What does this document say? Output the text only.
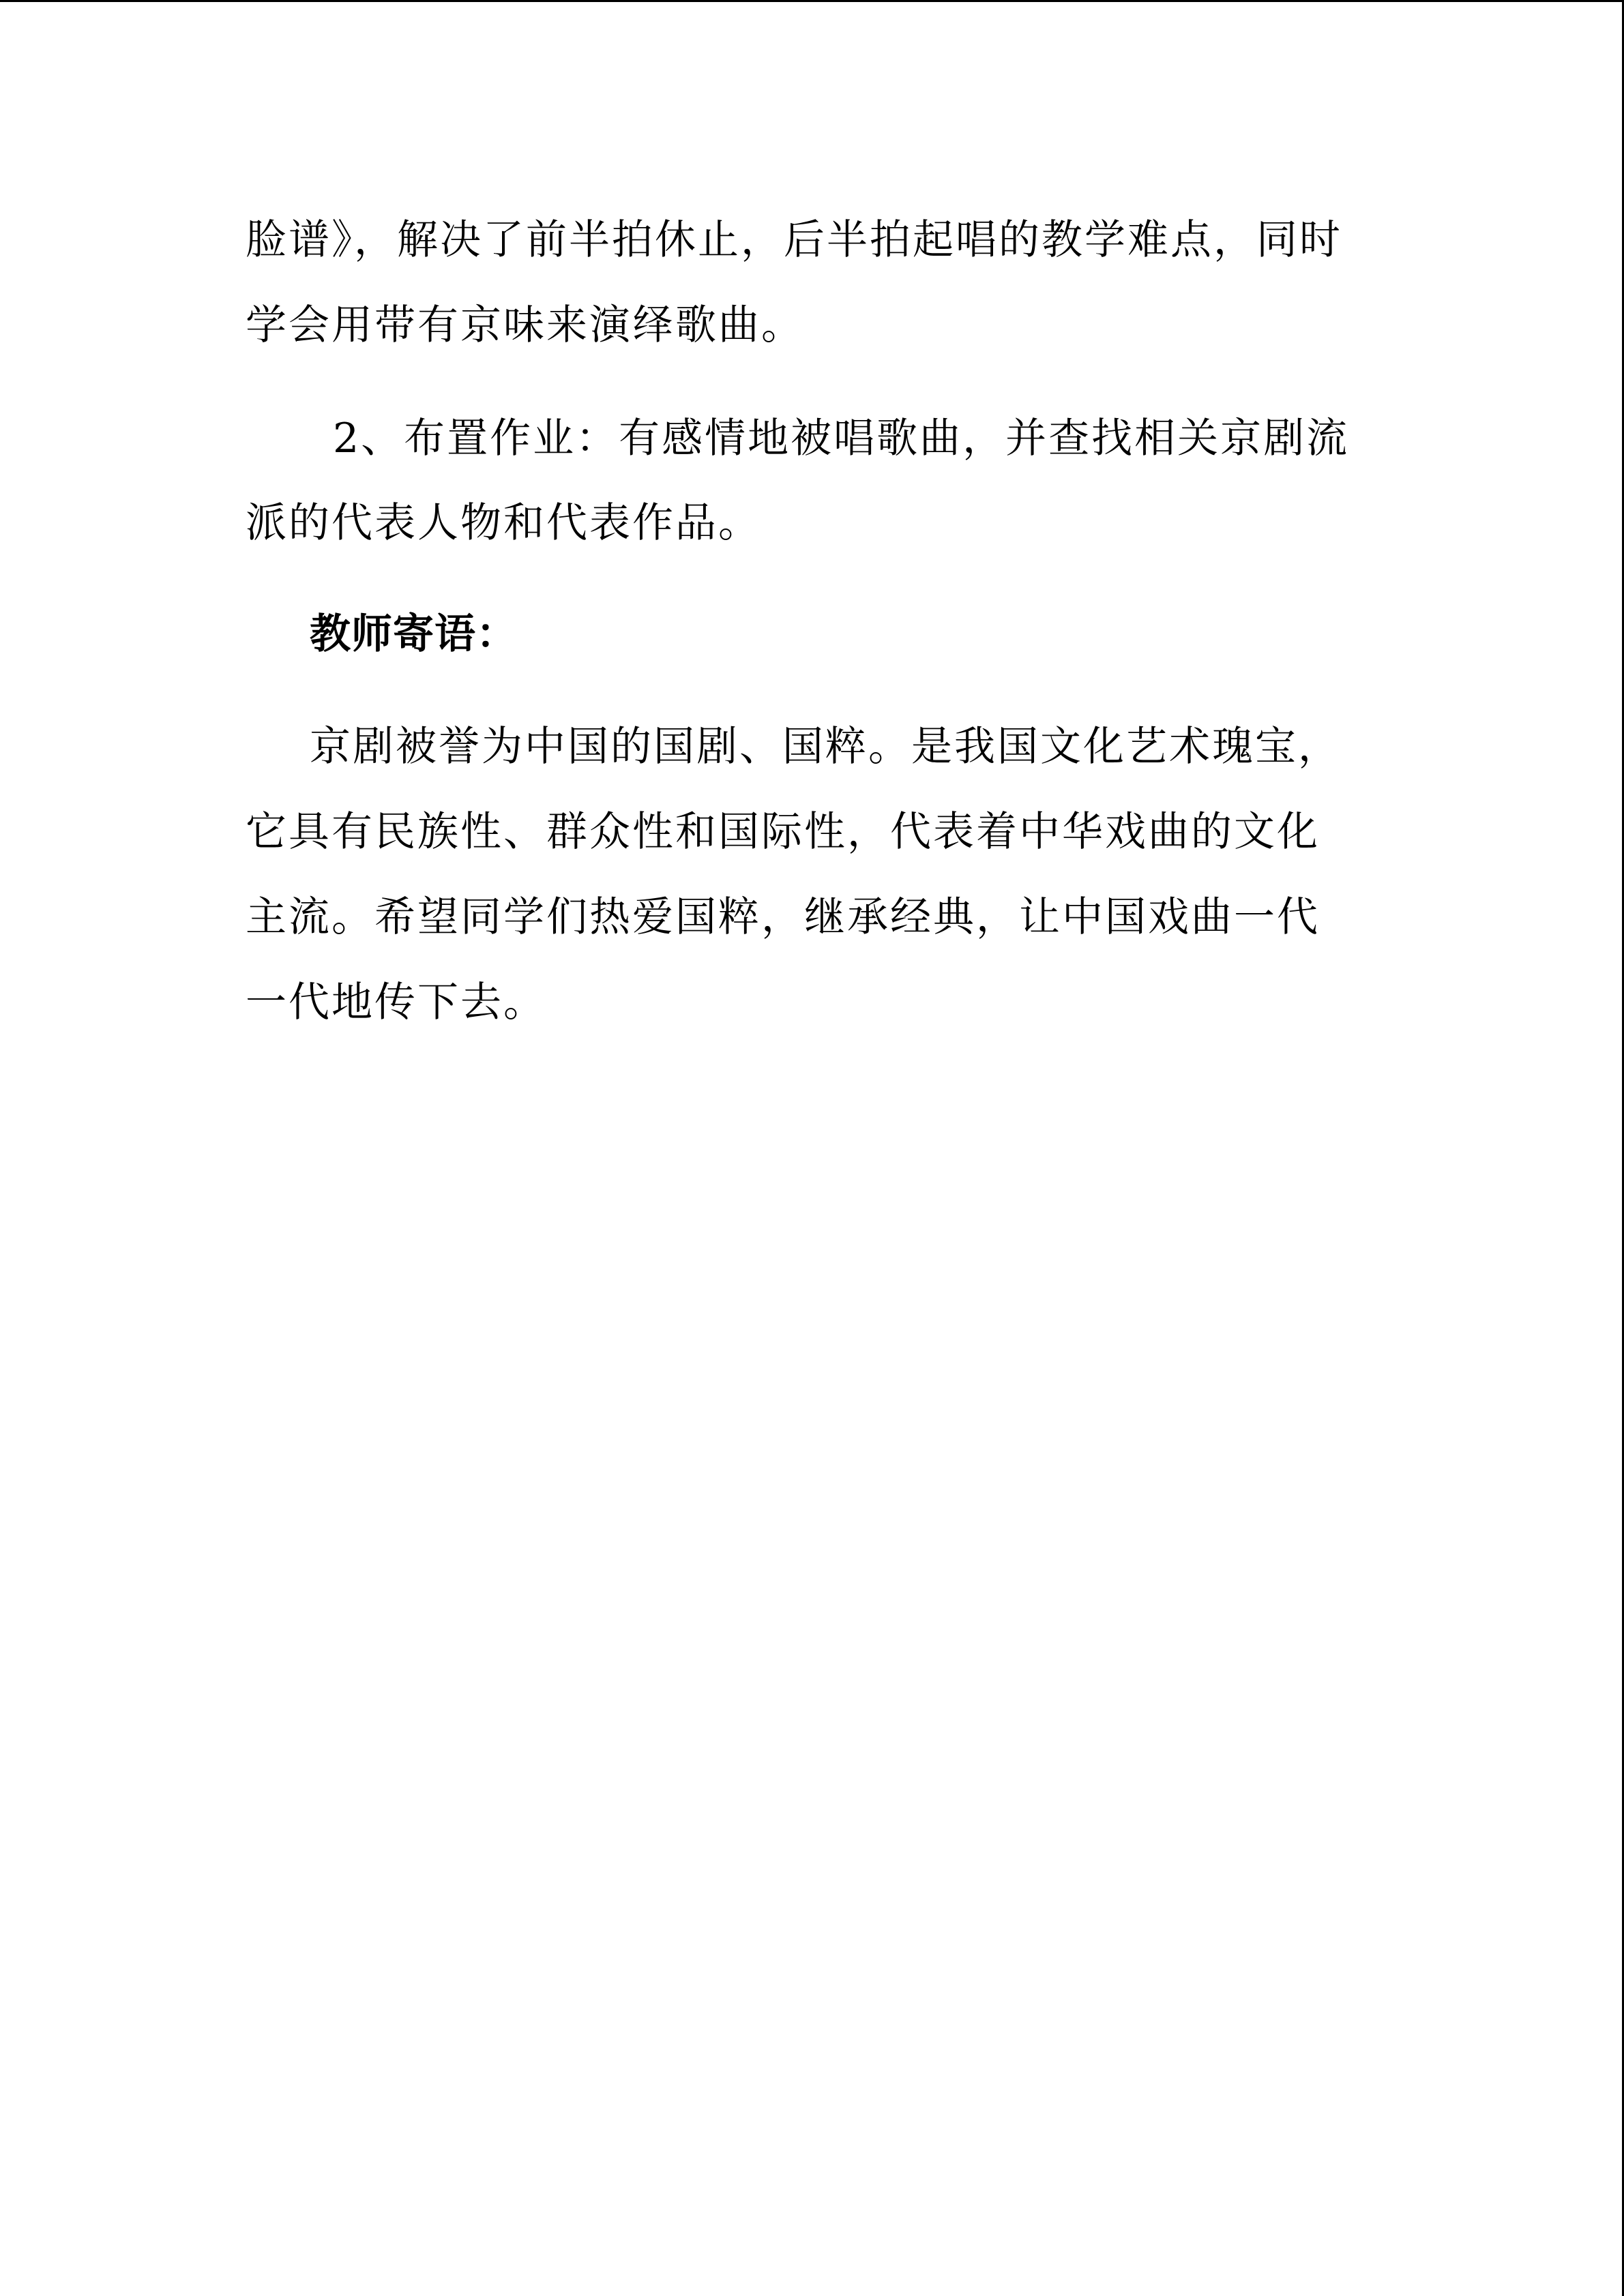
脸谱》，解决了前半拍休止，后半拍起唱的教学难点，同时
学会用带有京味来演绎歌曲。
2、布置作业：有感情地被唱歌曲，并查找相关京剧流
派的代表人物和代表作品。
教师寄语：
京剧被誉为中国的国剧、国粹。是我国文化艺术瑰宝，
它具有民族性、群众性和国际性，代表着中华戏曲的文化
主流。希望同学们热爱国粹，继承经典，让中国戏曲一代
一代地传下去。
